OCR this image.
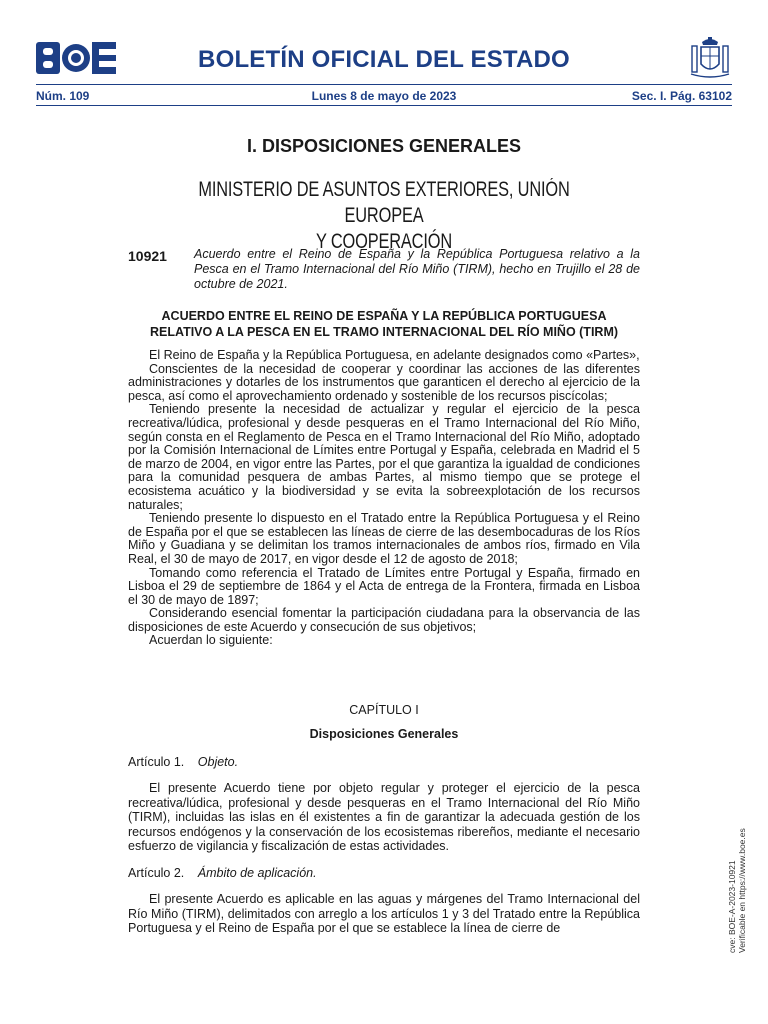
BOLETÍN OFICIAL DEL ESTADO
Núm. 109	Lunes 8 de mayo de 2023	Sec. I. Pág. 63102
I. DISPOSICIONES GENERALES
MINISTERIO DE ASUNTOS EXTERIORES, UNIÓN EUROPEA
Y COOPERACIÓN
10921 Acuerdo entre el Reino de España y la República Portuguesa relativo a la Pesca en el Tramo Internacional del Río Miño (TIRM), hecho en Trujillo el 28 de octubre de 2021.
ACUERDO ENTRE EL REINO DE ESPAÑA Y LA REPÚBLICA PORTUGUESA
RELATIVO A LA PESCA EN EL TRAMO INTERNACIONAL DEL RÍO MIÑO (TIRM)

El Reino de España y la República Portuguesa, en adelante designados como «Partes»,

Conscientes de la necesidad de cooperar y coordinar las acciones de las diferentes administraciones y dotarles de los instrumentos que garanticen el derecho al ejercicio de la pesca, así como el aprovechamiento ordenado y sostenible de los recursos piscícolas;

Teniendo presente la necesidad de actualizar y regular el ejercicio de la pesca recreativa/lúdica, profesional y desde pesqueras en el Tramo Internacional del Río Miño, según consta en el Reglamento de Pesca en el Tramo Internacional del Río Miño, adoptado por la Comisión Internacional de Límites entre Portugal y España, celebrada en Madrid el 5 de marzo de 2004, en vigor entre las Partes, por el que garantiza la igualdad de condiciones para la comunidad pesquera de ambas Partes, al mismo tiempo que se protege el ecosistema acuático y la biodiversidad y se evita la sobreexplotación de los recursos naturales;

Teniendo presente lo dispuesto en el Tratado entre la República Portuguesa y el Reino de España por el que se establecen las líneas de cierre de las desembocaduras de los Ríos Miño y Guadiana y se delimitan los tramos internacionales de ambos ríos, firmado en Vila Real, el 30 de mayo de 2017, en vigor desde el 12 de agosto de 2018;

Tomando como referencia el Tratado de Límites entre Portugal y España, firmado en Lisboa el 29 de septiembre de 1864 y el Acta de entrega de la Frontera, firmada en Lisboa el 30 de mayo de 1897;

Considerando esencial fomentar la participación ciudadana para la observancia de las disposiciones de este Acuerdo y consecución de sus objetivos;

Acuerdan lo siguiente:

CAPÍTULO I
Disposiciones Generales
Artículo 1. Objeto.

El presente Acuerdo tiene por objeto regular y proteger el ejercicio de la pesca recreativa/lúdica, profesional y desde pesqueras en el Tramo Internacional del Río Miño (TIRM), incluidas las islas en él existentes a fin de garantizar la adecuada gestión de los recursos endógenos y la conservación de los ecosistemas ribereños, mediante el necesario esfuerzo de vigilancia y fiscalización de estas actividades.

Artículo 2. Ámbito de aplicación.

El presente Acuerdo es aplicable en las aguas y márgenes del Tramo Internacional del Río Miño (TIRM), delimitados con arreglo a los artículos 1 y 3 del Tratado entre la República Portuguesa y el Reino de España por el que se establece la línea de cierre de	cve: BOE-A-2023-10921 Verificable en https://www.boe.es
